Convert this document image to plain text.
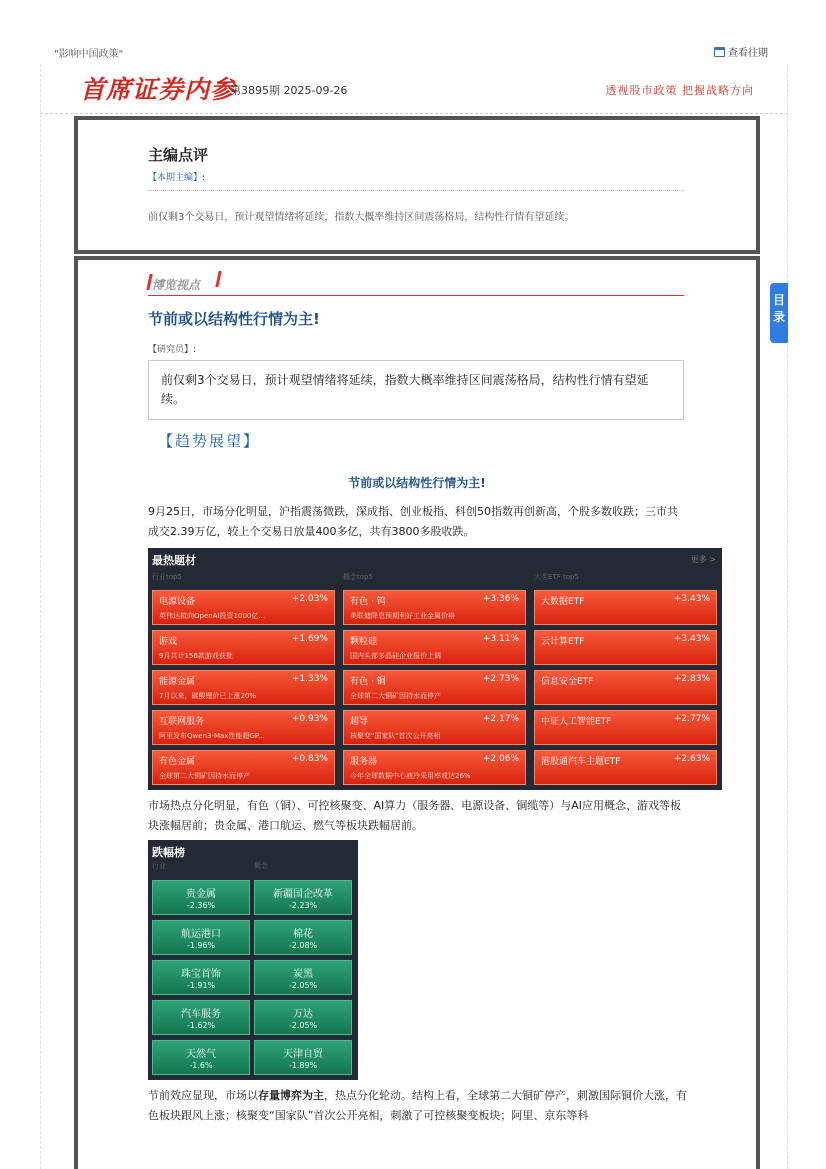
"影响中国政策"	查看往期
首席证券内参
第3895期 2025-09-26	透视股市政策 把握战略方向
主编点评
【本期主编】:
前仅剩3个交易日，预计观望情绪将延续，指数大概率维持区间震荡格局，结构性行情有望延续。
博览视点
节前或以结构性行情为主!
【研究员】:
前仅剩3个交易日，预计观望情绪将延续，指数大概率维持区间震荡格局，结构性行情有望延续。
【趋势展望】
节前或以结构性行情为主!
9月25日，市场分化明显，沪指震荡微跌，深成指、创业板指、科创50指数再创新高，个股多数收跌；三市共成交2.39万亿，较上个交易日放量400多亿，共有3800多股收跌。
最热题材	更多 >
行业top5	概念top5	大类ETF top5
电源设备	+2.03%
英伟达拟向OpenAI投资1000亿...
有色 · 钨	+3.36%
美联储降息预期利好工业金属价格
大数据ETF	+3.43%
游戏	+1.69%
9月共计156款游戏获批
颗粒硅	+3.11%
国内头部多晶硅企业报价上调
云计算ETF	+3.43%
能源金属	+1.33%
7月以来，碳酸锂价已上涨20%
有色 · 铜	+2.73%
全球第二大铜矿因持水而停产
信息安全ETF	+2.83%
互联网服务	+0.93%
阿里发布Qwen3-Max性能超GP...
超导	+2.17%
核聚变"国家队"首次公开亮相
中证人工智能ETF	+2.77%
有色金属	+0.83%
全球第二大铜矿因持水而停产
服务器	+2.06%
今年全球数据中心液冷采用率或达26%
港股通汽车主题ETF	+2.63%
市场热点分化明显，有色（铜）、可控核聚变、AI算力（服务器、电源设备、铜缆等）与AI应用概念、游戏等板块涨幅居前；贵金属、港口航运、燃气等板块跌幅居前。
跌幅榜
行业	概念
贵金属
-2.36%
新疆国企改革
-2.23%
航运港口
-1.96%
棉花
-2.08%
珠宝首饰
-1.91%
炭黑
-2.05%
汽车服务
-1.62%
万达
-2.05%
天然气
-1.6%
天津自贸
-1.89%
节前效应显现，市场以存量博弈为主，热点分化轮动。结构上看，全球第二大铜矿停产，刺激国际铜价大涨，有色板块跟风上涨；核聚变“国家队”首次公开亮相，刺激了可控核聚变板块；阿里、京东等科
目录
